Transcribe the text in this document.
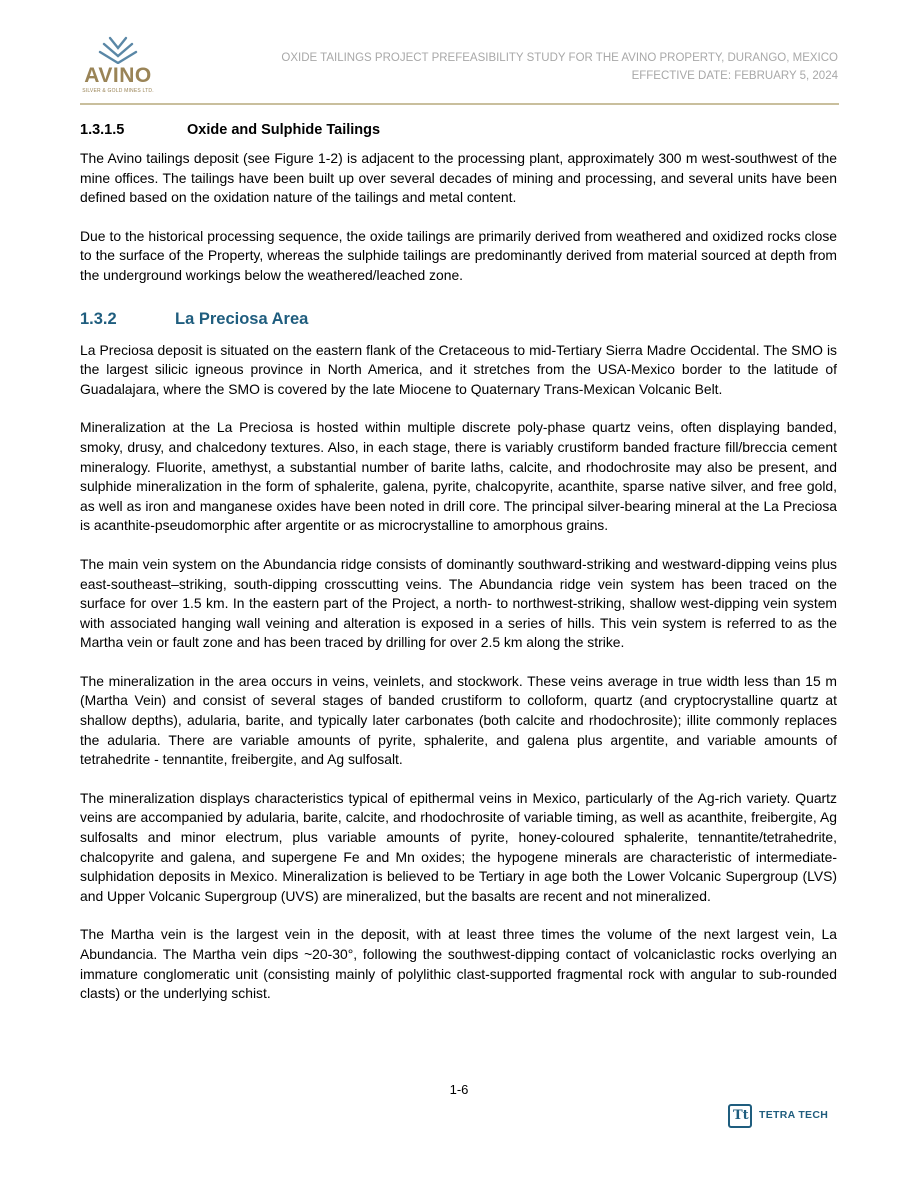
AVINO
SILVER & GOLD MINES LTD.
OXIDE TAILINGS PROJECT PREFEASIBILITY STUDY FOR THE AVINO PROPERTY, DURANGO, MEXICO
EFFECTIVE DATE: FEBRUARY 5, 2024
1.3.1.5	Oxide and Sulphide Tailings

The Avino tailings deposit (see Figure 1-2) is adjacent to the processing plant, approximately 300 m west-southwest of the mine offices. The tailings have been built up over several decades of mining and processing, and several units have been defined based on the oxidation nature of the tailings and metal content.

Due to the historical processing sequence, the oxide tailings are primarily derived from weathered and oxidized rocks close to the surface of the Property, whereas the sulphide tailings are predominantly derived from material sourced at depth from the underground workings below the weathered/leached zone.

1.3.2	La Preciosa Area

La Preciosa deposit is situated on the eastern flank of the Cretaceous to mid-Tertiary Sierra Madre Occidental. The SMO is the largest silicic igneous province in North America, and it stretches from the USA-Mexico border to the latitude of Guadalajara, where the SMO is covered by the late Miocene to Quaternary Trans-Mexican Volcanic Belt.

Mineralization at the La Preciosa is hosted within multiple discrete poly-phase quartz veins, often displaying banded, smoky, drusy, and chalcedony textures. Also, in each stage, there is variably crustiform banded fracture fill/breccia cement mineralogy. Fluorite, amethyst, a substantial number of barite laths, calcite, and rhodochrosite may also be present, and sulphide mineralization in the form of sphalerite, galena, pyrite, chalcopyrite, acanthite, sparse native silver, and free gold, as well as iron and manganese oxides have been noted in drill core. The principal silver-bearing mineral at the La Preciosa is acanthite-pseudomorphic after argentite or as microcrystalline to amorphous grains.

The main vein system on the Abundancia ridge consists of dominantly southward-striking and westward-dipping veins plus east-southeast–striking, south-dipping crosscutting veins. The Abundancia ridge vein system has been traced on the surface for over 1.5 km. In the eastern part of the Project, a north- to northwest-striking, shallow west-dipping vein system with associated hanging wall veining and alteration is exposed in a series of hills. This vein system is referred to as the Martha vein or fault zone and has been traced by drilling for over 2.5 km along the strike.

The mineralization in the area occurs in veins, veinlets, and stockwork. These veins average in true width less than 15 m (Martha Vein) and consist of several stages of banded crustiform to colloform, quartz (and cryptocrystalline quartz at shallow depths), adularia, barite, and typically later carbonates (both calcite and rhodochrosite); illite commonly replaces the adularia. There are variable amounts of pyrite, sphalerite, and galena plus argentite, and variable amounts of tetrahedrite - tennantite, freibergite, and Ag sulfosalt.

The mineralization displays characteristics typical of epithermal veins in Mexico, particularly of the Ag-rich variety. Quartz veins are accompanied by adularia, barite, calcite, and rhodochrosite of variable timing, as well as acanthite, freibergite, Ag sulfosalts and minor electrum, plus variable amounts of pyrite, honey-coloured sphalerite, tennantite/tetrahedrite, chalcopyrite and galena, and supergene Fe and Mn oxides; the hypogene minerals are characteristic of intermediate-sulphidation deposits in Mexico. Mineralization is believed to be Tertiary in age both the Lower Volcanic Supergroup (LVS) and Upper Volcanic Supergroup (UVS) are mineralized, but the basalts are recent and not mineralized.

The Martha vein is the largest vein in the deposit, with at least three times the volume of the next largest vein, La Abundancia. The Martha vein dips ~20-30°, following the southwest-dipping contact of volcaniclastic rocks overlying an immature conglomeratic unit (consisting mainly of polylithic clast-supported fragmental rock with angular to sub-rounded clasts) or the underlying schist.

1-6
Tt TETRA TECH
